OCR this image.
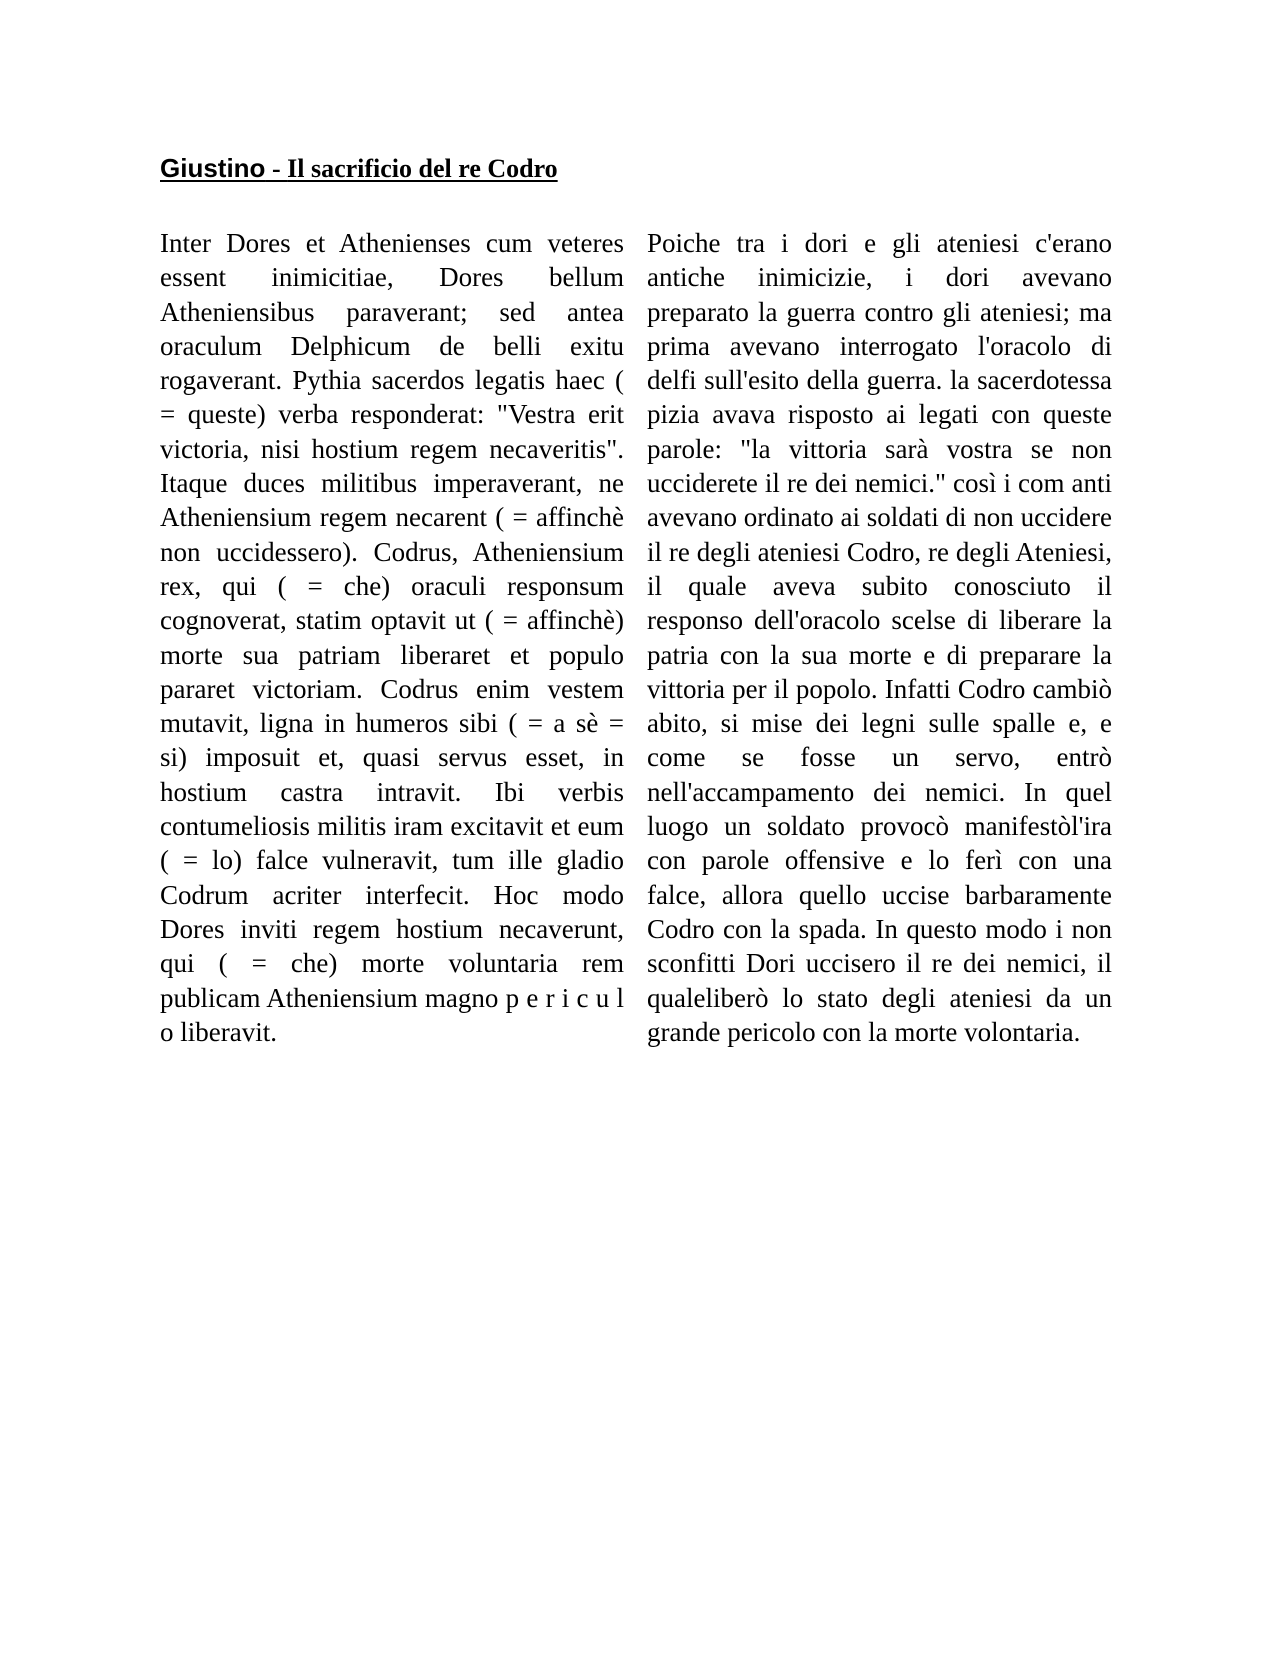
Giustino - Il sacrificio del re Codro

Inter Dores et Athenienses cum veteres essent inimicitiae, Dores bellum Atheniensibus paraverant; sed antea oraculum Delphicum de belli exitu rogaverant. Pythia sacerdos legatis haec ( = queste) verba responderat: "Vestra erit victoria, nisi hostium regem necaveritis". Itaque duces militibus imperaverant, ne Atheniensium regem necarent ( = affinchè non uccidessero). Codrus, Atheniensium rex, qui ( = che) oraculi responsum cognoverat, statim optavit ut ( = affinchè) morte sua patriam liberaret et populo pararet victoriam. Codrus enim vestem mutavit, ligna in humeros sibi ( = a sè = si) imposuit et, quasi servus esset, in hostium castra intravit. Ibi verbis contumeliosis militis iram excitavit et eum ( = lo) falce vulneravit, tum ille gladio Codrum acriter interfecit. Hoc modo Dores inviti regem hostium necaverunt, qui ( = che) morte voluntaria rem publicam Atheniensium magno p e r i c u l o liberavit.

Poiche tra i dori e gli ateniesi c'erano antiche inimicizie, i dori avevano preparato la guerra contro gli ateniesi; ma prima avevano interrogato l'oracolo di delfi sull'esito della guerra. la sacerdotessa pizia avava risposto ai legati con queste parole: "la vittoria sarà vostra se non ucciderete il re dei nemici." così i com anti avevano ordinato ai soldati di non uccidere il re degli ateniesi Codro, re degli Ateniesi, il quale aveva subito conosciuto il responso dell'oracolo scelse di liberare la patria con la sua morte e di preparare la vittoria per il popolo. Infatti Codro cambiò abito, si mise dei legni sulle spalle e, e come se fosse un servo, entrò nell'accampamento dei nemici. In quel luogo un soldato provocò manifestòl'ira con parole offensive e lo ferì con una falce, allora quello uccise barbaramente Codro con la spada. In questo modo i non sconfitti Dori uccisero il re dei nemici, il qualeliberò lo stato degli ateniesi da un grande pericolo con la morte volontaria.
